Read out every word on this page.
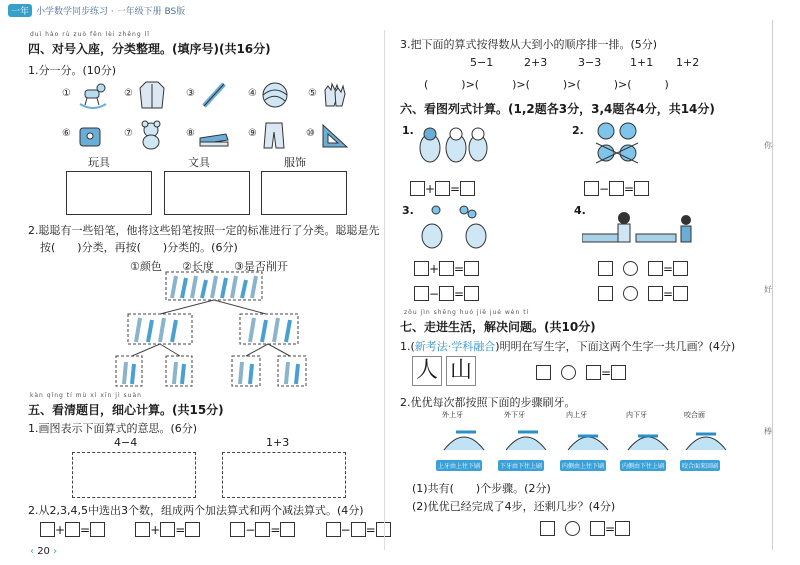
一年 小学数学同步练习 · 一年级下册 BS版
duì hào rù zuò fēn lèi zhěng lǐ
四、对号入座，分类整理。(填序号)(共16分)
1.分一分。(10分)
①	②	③	④	⑤
⑥	⑦	⑧	⑨	⑩
玩具	文具	服饰
2.聪聪有一些铅笔，他将这些铅笔按照一定的标准进行了分类。聪聪是先
按(　　)分类，再按(　　)分类的。(6分)
①颜色 ②长度 ③是否削开
kàn qīng tí mù xì xīn jì suàn
五、看清题目，细心计算。(共15分)
1.画图表示下面算式的意思。(6分)
4−4	1+3
2.从2,3,4,5中选出3个数，组成两个加法算式和两个减法算式。(4分)
+ =	+ =	− =	− =
‹ 20 ›
3.把下面的算式按得数从大到小的顺序排一排。(5分)
5−1	2+3	3−3	1+1 1+2
(　　　)>(　　　)>(　　　)>(　　　)>(　　　)
六、看图列式计算。(1,2题各3分，3,4题各4分，共14分)
1.
+ =
2.
− =
3.
+ =
− =
4.
=
=
zǒu jìn shēng huó jiě jué wèn tí
七、走进生活，解决问题。(共10分)
1.(新考法·学科融合)明明在写生字，下面这两个生字一共几画？(4分)
人 山	=
2.优优每次都按照下面的步骤刷牙。
外上牙	外下牙	内上牙	内下牙	咬合面
上牙由上往下刷	下牙由下往上刷	内侧由上往下刷	内侧由下往上刷	咬合面来回刷
(1)共有(　　)个步骤。(2分)
(2)优优已经完成了4步，还剩几步？(4分)
=
你
好
棒
